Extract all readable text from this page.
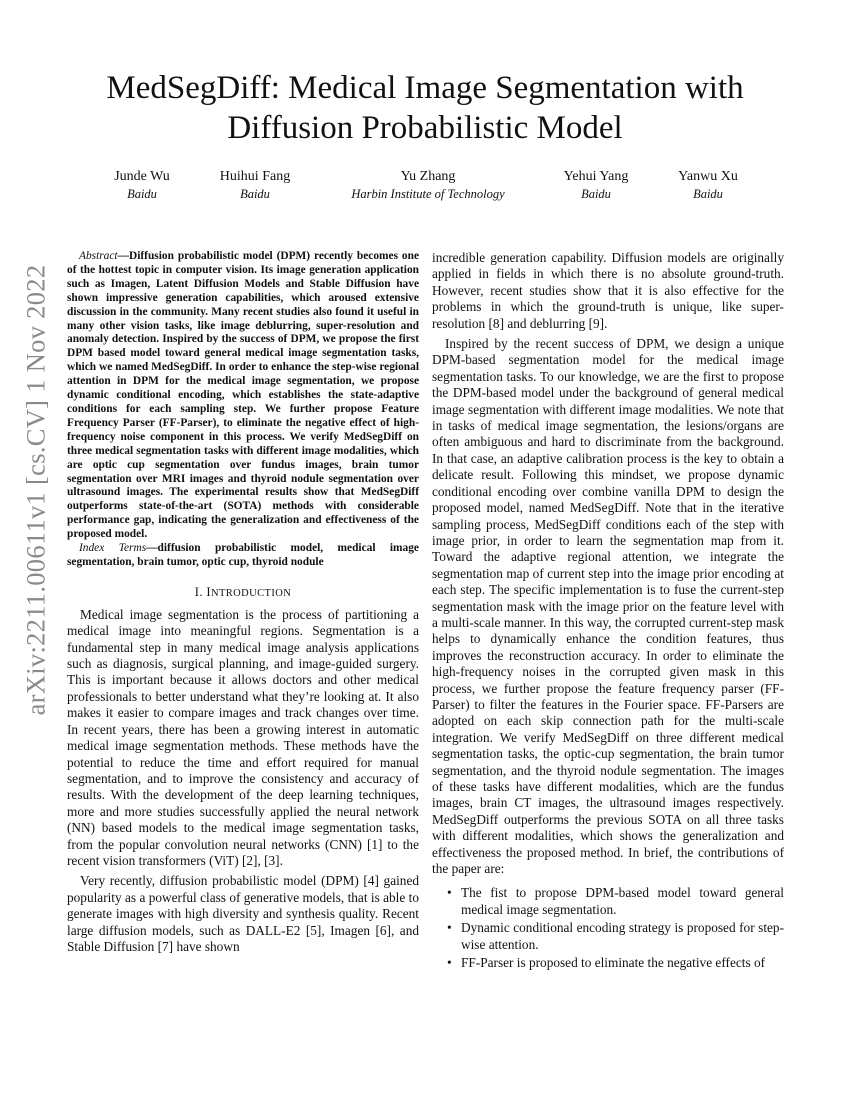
arXiv:2211.00611v1 [cs.CV] 1 Nov 2022
MedSegDiff: Medical Image Segmentation with Diffusion Probabilistic Model
Junde Wu
Baidu
Huihui Fang
Baidu
Yu Zhang
Harbin Institute of Technology
Yehui Yang
Baidu
Yanwu Xu
Baidu

Abstract—Diffusion probabilistic model (DPM) recently becomes one of the hottest topic in computer vision. Its image generation application such as Imagen, Latent Diffusion Models and Stable Diffusion have shown impressive generation capabilities, which aroused extensive discussion in the community. Many recent studies also found it useful in many other vision tasks, like image deblurring, super-resolution and anomaly detection. Inspired by the success of DPM, we propose the first DPM based model toward general medical image segmentation tasks, which we named MedSegDiff. In order to enhance the step-wise regional attention in DPM for the medical image segmentation, we propose dynamic conditional encoding, which establishes the state-adaptive conditions for each sampling step. We further propose Feature Frequency Parser (FF-Parser), to eliminate the negative effect of high-frequency noise component in this process. We verify MedSegDiff on three medical segmentation tasks with different image modalities, which are optic cup segmentation over fundus images, brain tumor segmentation over MRI images and thyroid nodule segmentation over ultrasound images. The experimental results show that MedSegDiff outperforms state-of-the-art (SOTA) methods with considerable performance gap, indicating the generalization and effectiveness of the proposed model.

Index Terms—diffusion probabilistic model, medical image segmentation, brain tumor, optic cup, thyroid nodule

I. INTRODUCTION

Medical image segmentation is the process of partitioning a medical image into meaningful regions. Segmentation is a fundamental step in many medical image analysis applications such as diagnosis, surgical planning, and image-guided surgery. This is important because it allows doctors and other medical professionals to better understand what they’re looking at. It also makes it easier to compare images and track changes over time. In recent years, there has been a growing interest in automatic medical image segmentation methods. These methods have the potential to reduce the time and effort required for manual segmentation, and to improve the consistency and accuracy of results. With the development of the deep learning techniques, more and more studies successfully applied the neural network (NN) based models to the medical image segmentation tasks, from the popular convolution neural networks (CNN) [1] to the recent vision transformers (ViT) [2], [3].

Very recently, diffusion probabilistic model (DPM) [4] gained popularity as a powerful class of generative models, that is able to generate images with high diversity and synthesis quality. Recent large diffusion models, such as DALL-E2 [5], Imagen [6], and Stable Diffusion [7] have shown

incredible generation capability. Diffusion models are originally applied in fields in which there is no absolute ground-truth. However, recent studies show that it is also effective for the problems in which the ground-truth is unique, like super-resolution [8] and deblurring [9].

Inspired by the recent success of DPM, we design a unique DPM-based segmentation model for the medical image segmentation tasks. To our knowledge, we are the first to propose the DPM-based model under the background of general medical image segmentation with different image modalities. We note that in tasks of medical image segmentation, the lesions/organs are often ambiguous and hard to discriminate from the background. In that case, an adaptive calibration process is the key to obtain a delicate result. Following this mindset, we propose dynamic conditional encoding over combine vanilla DPM to design the proposed model, named MedSegDiff. Note that in the iterative sampling process, MedSegDiff conditions each of the step with image prior, in order to learn the segmentation map from it. Toward the adaptive regional attention, we integrate the segmentation map of current step into the image prior encoding at each step. The specific implementation is to fuse the current-step segmentation mask with the image prior on the feature level with a multi-scale manner. In this way, the corrupted current-step mask helps to dynamically enhance the condition features, thus improves the reconstruction accuracy. In order to eliminate the high-frequency noises in the corrupted given mask in this process, we further propose the feature frequency parser (FF-Parser) to filter the features in the Fourier space. FF-Parsers are adopted on each skip connection path for the multi-scale integration. We verify MedSegDiff on three different medical segmentation tasks, the optic-cup segmentation, the brain tumor segmentation, and the thyroid nodule segmentation. The images of these tasks have different modalities, which are the fundus images, brain CT images, the ultrasound images respectively. MedSegDiff outperforms the previous SOTA on all three tasks with different modalities, which shows the generalization and effectiveness the proposed method. In brief, the contributions of the paper are:

• The fist to propose DPM-based model toward general medical image segmentation.
• Dynamic conditional encoding strategy is proposed for step-wise attention.
• FF-Parser is proposed to eliminate the negative effects of
